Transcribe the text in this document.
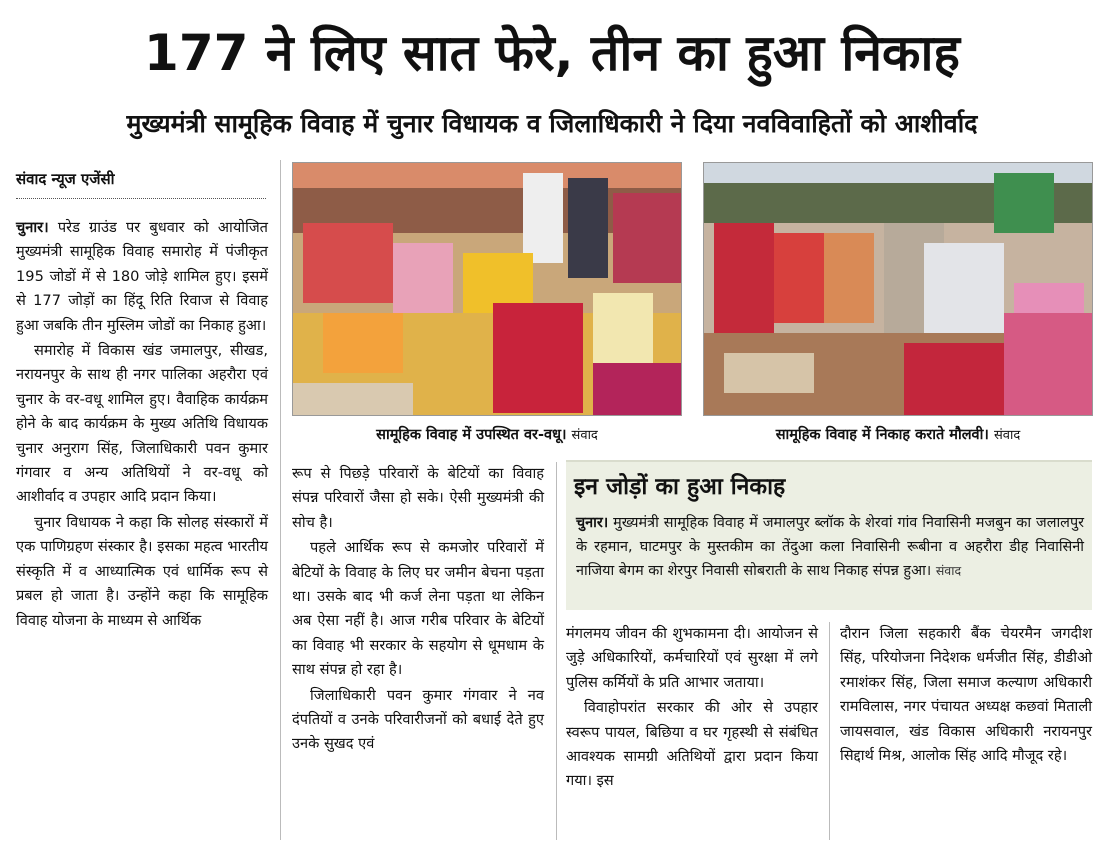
177 ने लिए सात फेरे, तीन का हुआ निकाह
मुख्यमंत्री सामूहिक विवाह में चुनार विधायक व जिलाधिकारी ने दिया नवविवाहितों को आशीर्वाद
संवाद न्यूज एजेंसी

चुनार। परेड ग्राउंड पर बुधवार को आयोजित मुख्यमंत्री सामूहिक विवाह समारोह में पंजीकृत 195 जोडों में से 180 जोड़े शामिल हुए। इसमें से 177 जोड़ों का हिंदू रिति रिवाज से विवाह हुआ जबकि तीन मुस्लिम जोडों का निकाह हुआ।

समारोह में विकास खंड जमालपुर, सीखड, नरायनपुर के साथ ही नगर पालिका अहरौरा एवं चुनार के वर-वधू शामिल हुए। वैवाहिक कार्यक्रम होने के बाद कार्यक्रम के मुख्य अतिथि विधायक चुनार अनुराग सिंह, जिलाधिकारी पवन कुमार गंगवार व अन्य अतिथियों ने वर-वधू को आशीर्वाद व उपहार आदि प्रदान किया।

चुनार विधायक ने कहा कि सोलह संस्कारों में एक पाणिग्रहण संस्कार है। इसका महत्व भारतीय संस्कृति में व आध्यात्मिक एवं धार्मिक रूप से प्रबल हो जाता है। उन्होंने कहा कि सामूहिक विवाह योजना के माध्यम से आर्थिक

सामूहिक विवाह में उपस्थित वर-वधू। संवाद	सामूहिक विवाह में निकाह कराते मौलवी। संवाद

रूप से पिछड़े परिवारों के बेटियों का विवाह संपन्न परिवारों जैसा हो सके। ऐसी मुख्यमंत्री की सोच है।

पहले आर्थिक रूप से कमजोर परिवारों में बेटियों के विवाह के लिए घर जमीन बेचना पड़ता था। उसके बाद भी कर्ज लेना पड़ता था लेकिन अब ऐसा नहीं है। आज गरीब परिवार के बेटियों का विवाह भी सरकार के सहयोग से धूमधाम के साथ संपन्न हो रहा है।

जिलाधिकारी पवन कुमार गंगवार ने नव दंपतियों व उनके परिवारीजनों को बधाई देते हुए उनके सुखद एवं

इन जोड़ों का हुआ निकाह
चुनार। मुख्यमंत्री सामूहिक विवाह में जमालपुर ब्लॉक के शेरवां गांव निवासिनी मजबुन का जलालपुर के रहमान, घाटमपुर के मुस्तकीम का तेंदुआ कला निवासिनी रूबीना व अहरौरा डीह निवासिनी नाजिया बेगम का शेरपुर निवासी सोबराती के साथ निकाह संपन्न हुआ। संवाद

मंगलमय जीवन की शुभकामना दी। आयोजन से जुड़े अधिकारियों, कर्मचारियों एवं सुरक्षा में लगे पुलिस कर्मियों के प्रति आभार जताया।

विवाहोपरांत सरकार की ओर से उपहार स्वरूप पायल, बिछिया व घर गृहस्थी से संबंधित आवश्यक सामग्री अतिथियों द्वारा प्रदान किया गया। इस

दौरान जिला सहकारी बैंक चेयरमैन जगदीश सिंह, परियोजना निदेशक धर्मजीत सिंह, डीडीओ रमाशंकर सिंह, जिला समाज कल्याण अधिकारी रामविलास, नगर पंचायत अध्यक्ष कछवां मिताली जायसवाल, खंड विकास अधिकारी नरायनपुर सिद्दार्थ मिश्र, आलोक सिंह आदि मौजूद रहे।
